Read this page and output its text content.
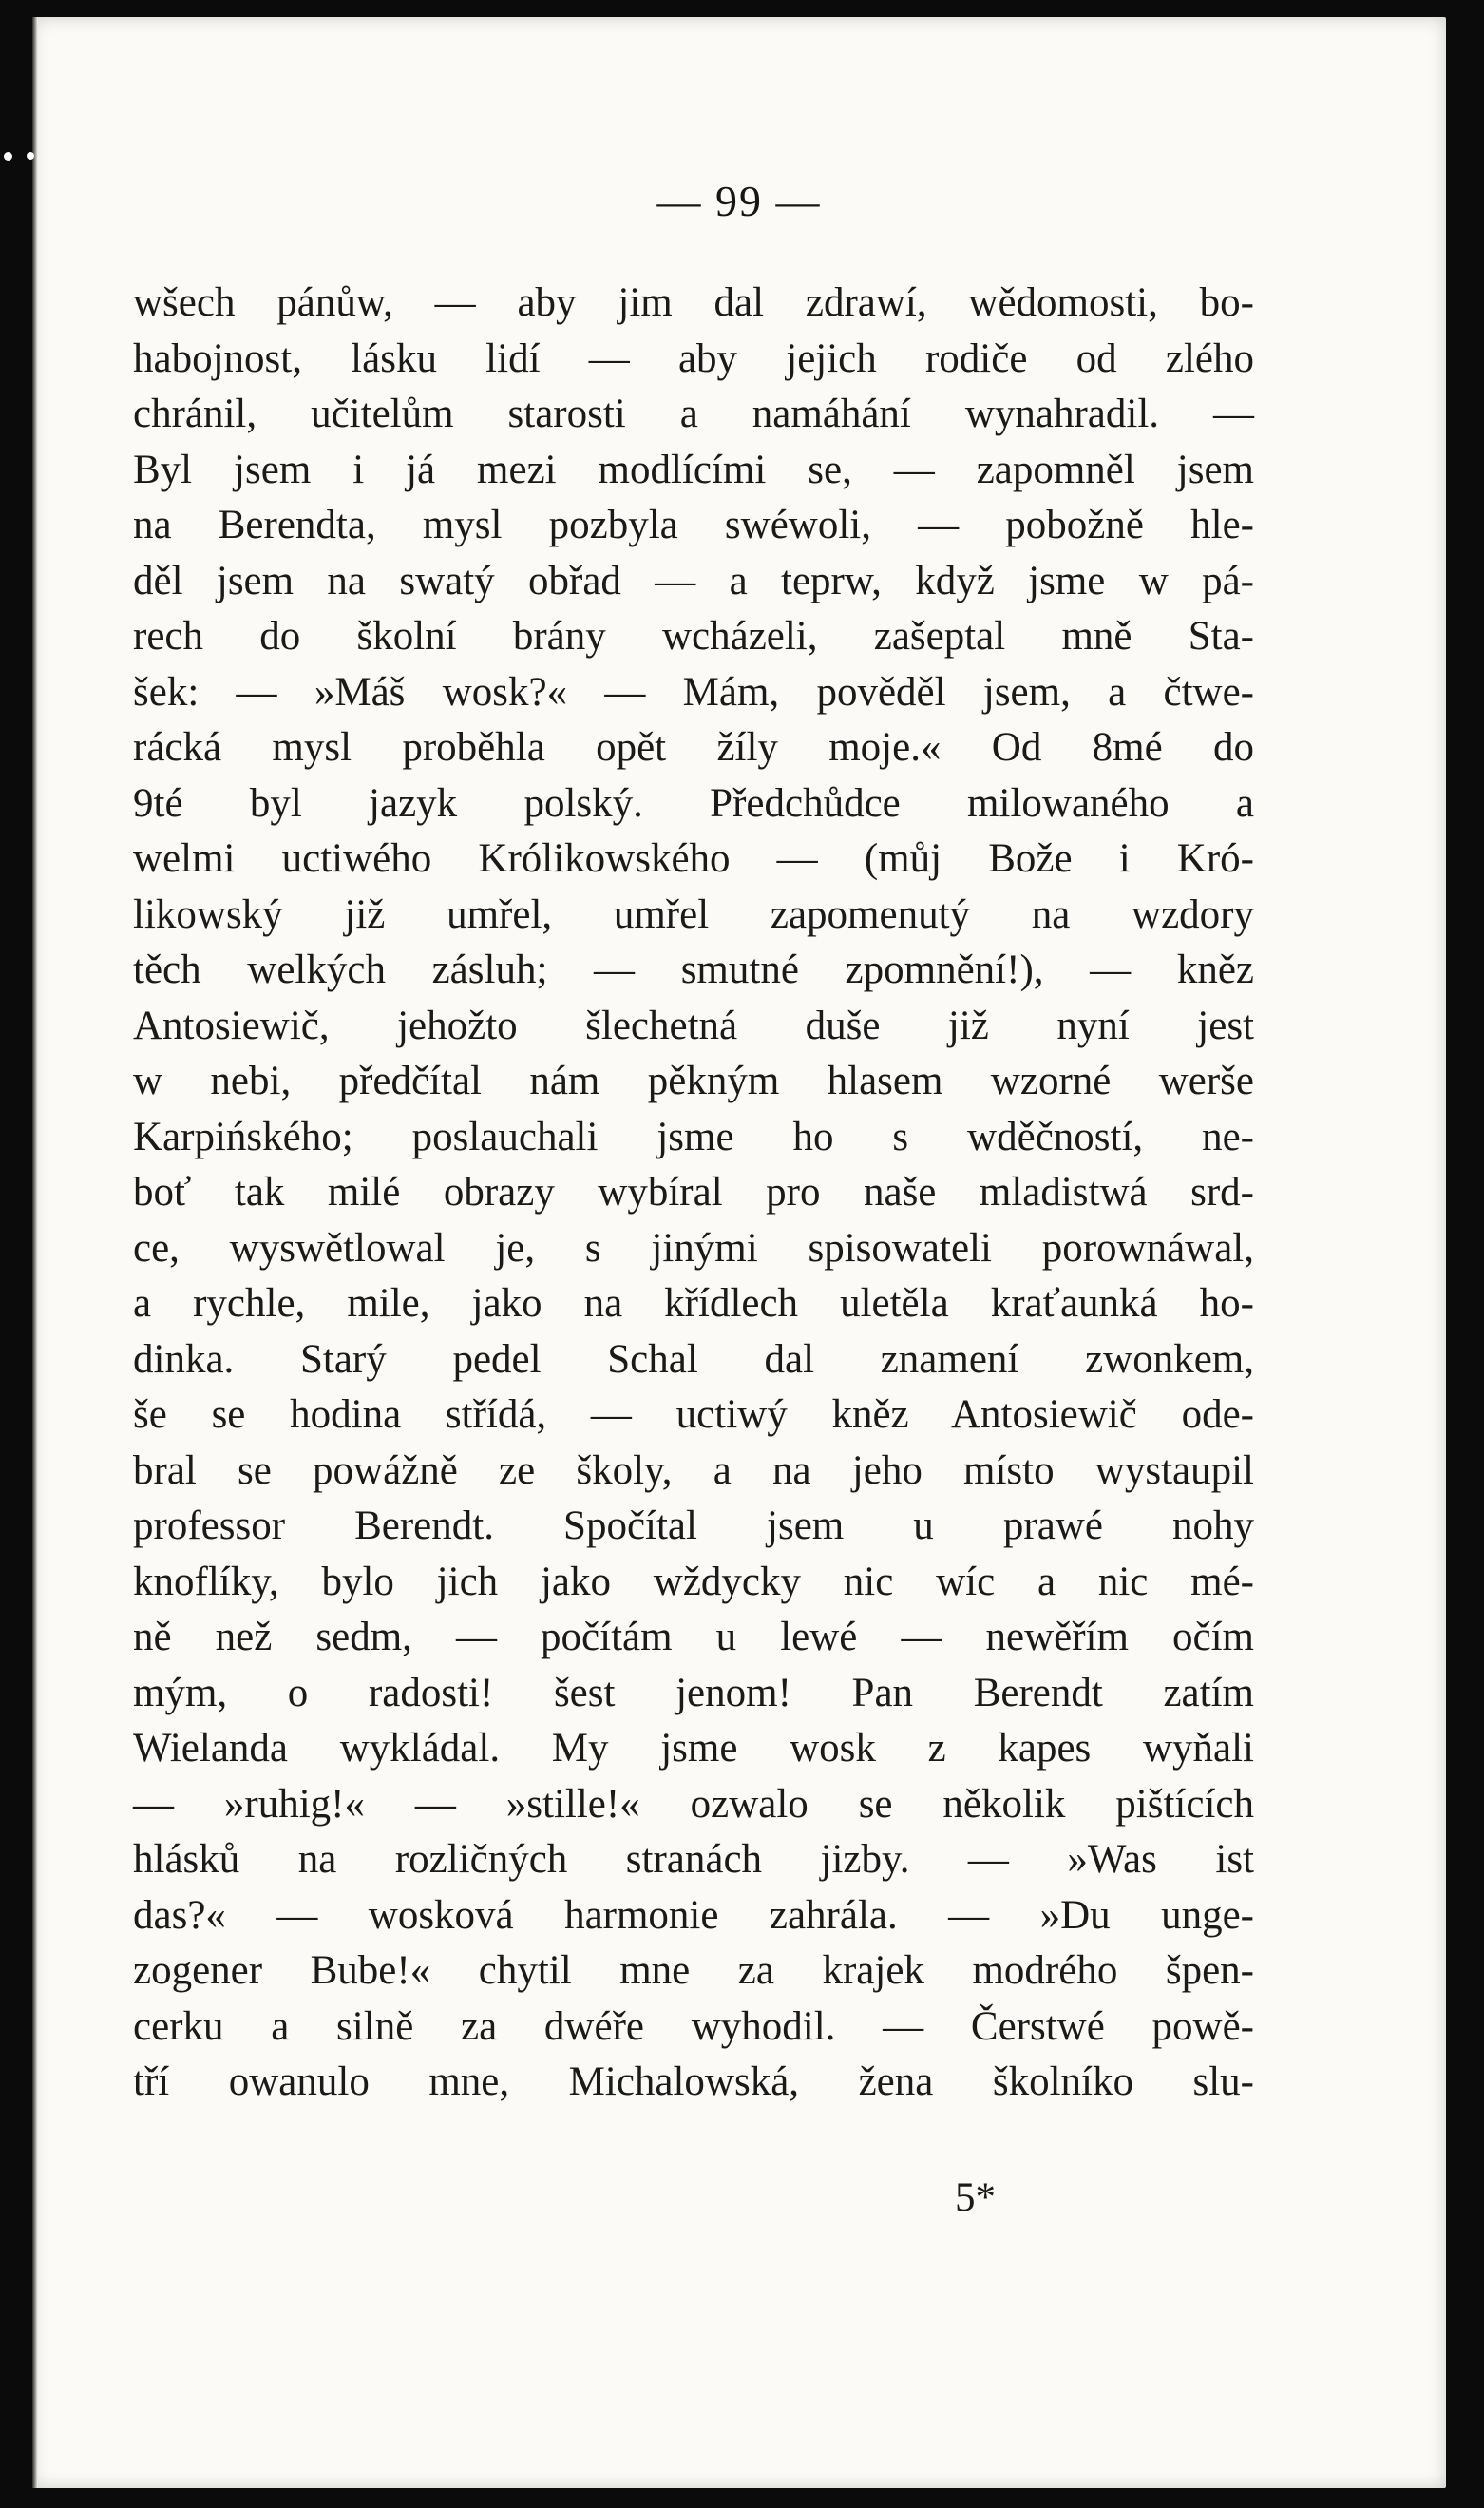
— 99 —
wšech pánůw, — aby jim dal zdrawí, wědomosti, bo-
habojnost, lásku lidí — aby jejich rodiče od zlého
chránil, učitelům starosti a namáhání wynahradil. —
Byl jsem i já mezi modlícími se, — zapomněl jsem
na Berendta, mysl pozbyla swéwoli, — pobožně hle-
děl jsem na swatý obřad — a teprw, když jsme w pá-
rech do školní brány wcházeli, zašeptal mně Sta-
šek: — »Máš wosk?« — Mám, pověděl jsem, a čtwe-
rácká mysl proběhla opět žíly moje.« Od 8mé do
9té byl jazyk polský. Předchůdce milowaného a
welmi uctiwého Królikowského — (můj Bože i Kró-
likowský již umřel, umřel zapomenutý na wzdory
těch welkých zásluh; — smutné zpomnění!), — kněz
Antosiewič, jehožto šlechetná duše již nyní jest
w nebi, předčítal nám pěkným hlasem wzorné werše
Karpińského; poslauchali jsme ho s wděčností, ne-
boť tak milé obrazy wybíral pro naše mladistwá srd-
ce, wyswětlowal je, s jinými spisowateli porownáwal,
a rychle, mile, jako na křídlech uletěla kraťaunká ho-
dinka. Starý pedel Schal dal znamení zwonkem,
še se hodina střídá, — uctiwý kněz Antosiewič ode-
bral se powážně ze školy, a na jeho místo wystaupil
professor Berendt. Spočítal jsem u prawé nohy
knoflíky, bylo jich jako wždycky nic wíc a nic mé-
ně než sedm, — počítám u lewé — newěřím očím
mým, o radosti! šest jenom! Pan Berendt zatím
Wielanda wykládal. My jsme wosk z kapes wyňali
— »ruhig!« — »stille!« ozwalo se několik pištících
hlásků na rozličných stranách jizby. — »Was ist
das?« — wosková harmonie zahrála. — »Du unge-
zogener Bube!« chytil mne za krajek modrého špen-
cerku a silně za dwéře wyhodil. — Čerstwé powě-
tří owanulo mne, Michalowská, žena školníko slu-
5*
